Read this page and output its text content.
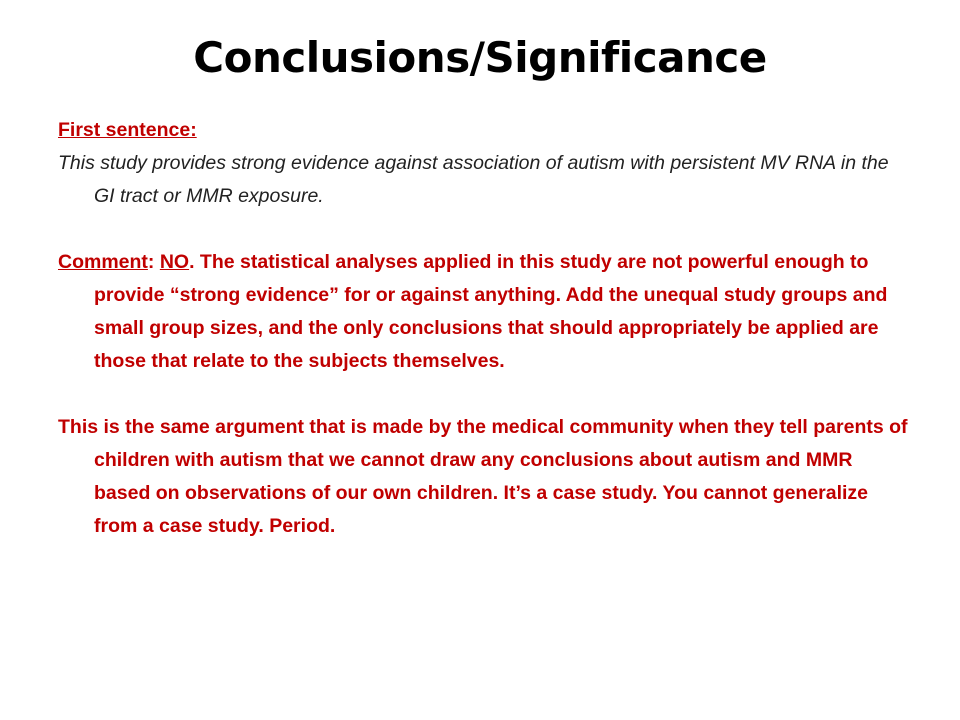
Conclusions/Significance

First sentence:

This study provides strong evidence against association of autism with persistent MV RNA in the GI tract or MMR exposure.

Comment: NO. The statistical analyses applied in this study are not powerful enough to provide “strong evidence” for or against anything. Add the unequal study groups and small group sizes, and the only conclusions that should appropriately be applied are those that relate to the subjects themselves.

This is the same argument that is made by the medical community when they tell parents of children with autism that we cannot draw any conclusions about autism and MMR based on observations of our own children. It’s a case study. You cannot generalize from a case study. Period.
